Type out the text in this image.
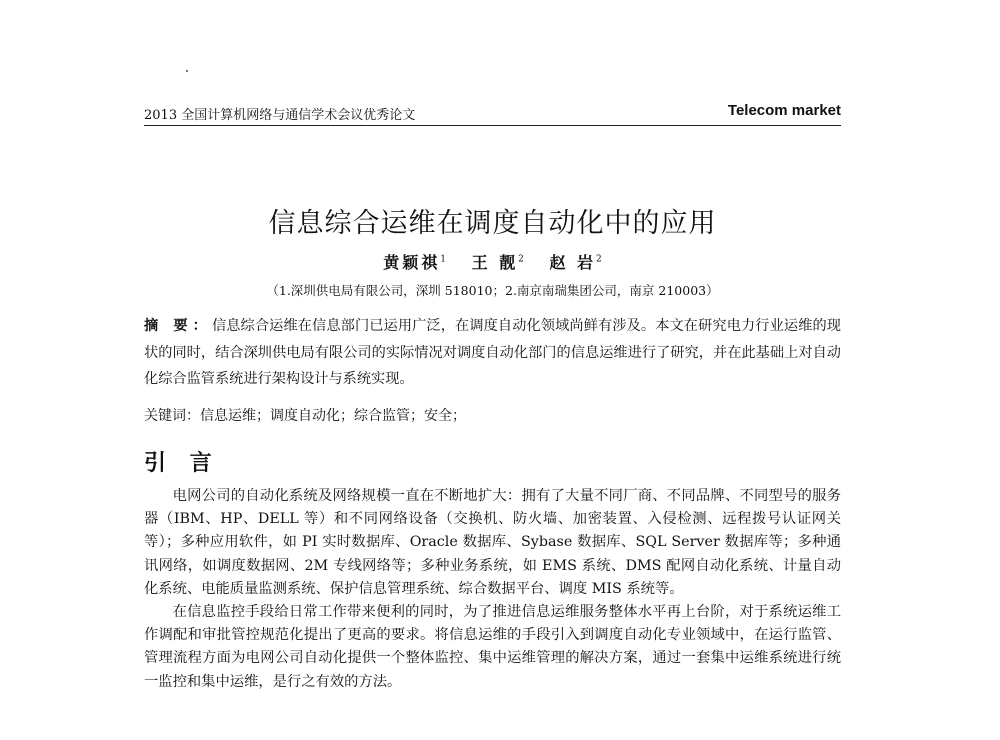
2013 全国计算机网络与通信学术会议优秀论文	Telecom market
信息综合运维在调度自动化中的应用
黄颖祺$^1$ 王 靓$^2$ 赵 岩$^2$
（1.深圳供电局有限公司，深圳 518010；2.南京南瑞集团公司，南京 210003）
摘 要：信息综合运维在信息部门已运用广泛，在调度自动化领域尚鲜有涉及。本文在研究电力行业运维的现状的同时，结合深圳供电局有限公司的实际情况对调度自动化部门的信息运维进行了研究，并在此基础上对自动化综合监管系统进行架构设计与系统实现。
关键词：信息运维；调度自动化；综合监管；安全；
引 言

电网公司的自动化系统及网络规模一直在不断地扩大：拥有了大量不同厂商、不同品牌、不同型号的服务器（IBM、HP、DELL 等）和不同网络设备（交换机、防火墙、加密装置、入侵检测、远程拨号认证网关等）；多种应用软件，如 PI 实时数据库、Oracle 数据库、Sybase 数据库、SQL Server 数据库等；多种通讯网络，如调度数据网、2M 专线网络等；多种业务系统，如 EMS 系统、DMS 配网自动化系统、计量自动化系统、电能质量监测系统、保护信息管理系统、综合数据平台、调度 MIS 系统等。

在信息监控手段给日常工作带来便利的同时，为了推进信息运维服务整体水平再上台阶，对于系统运维工作调配和审批管控规范化提出了更高的要求。将信息运维的手段引入到调度自动化专业领域中，在运行监管、管理流程方面为电网公司自动化提供一个整体监控、集中运维管理的解决方案，通过一套集中运维系统进行统一监控和集中运维，是行之有效的方法。
